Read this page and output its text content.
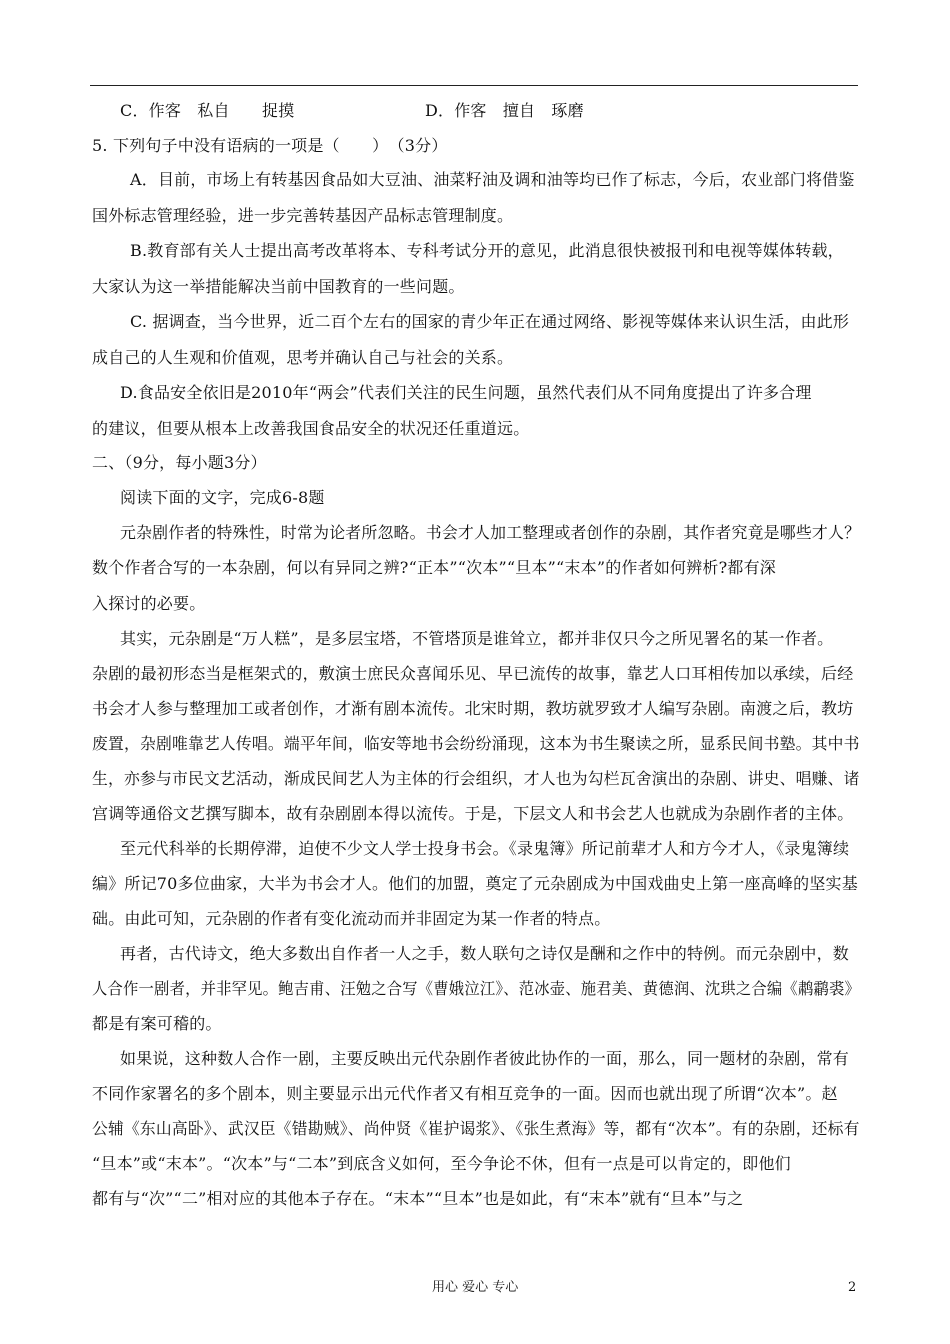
C．作客　私自　　捉摸	D．作客　擅自　琢磨
5. 下列句子中没有语病的一项是（　　）　（3分）
A．目前，市场上有转基因食品如大豆油、油菜籽油及调和油等均已作了标志，今后，农业部门将借鉴
国外标志管理经验，进一步完善转基因产品标志管理制度。
B.教育部有关人士提出高考改革将本、专科考试分开的意见，此消息很快被报刊和电视等媒体转载，
大家认为这一举措能解决当前中国教育的一些问题。
C. 据调查，当今世界，近二百个左右的国家的青少年正在通过网络、影视等媒体来认识生活，由此形
成自己的人生观和价值观，思考并确认自己与社会的关系。
D.食品安全依旧是2010年“两会”代表们关注的民生问题，虽然代表们从不同角度提出了许多合理
的建议，但要从根本上改善我国食品安全的状况还任重道远。
二、（9分，每小题3分）
阅读下面的文字，完成6-8题
元杂剧作者的特殊性，时常为论者所忽略。书会才人加工整理或者创作的杂剧，其作者究竟是哪些才人？
数个作者合写的一本杂剧，何以有异同之辨?“正本”“次本”“旦本”“末本”的作者如何辨析?都有深
入探讨的必要。
其实，元杂剧是“万人糕”，是多层宝塔，不管塔顶是谁耸立，都并非仅只今之所见署名的某一作者。
杂剧的最初形态当是框架式的，敷演士庶民众喜闻乐见、早已流传的故事，靠艺人口耳相传加以承续，后经
书会才人参与整理加工或者创作，才渐有剧本流传。北宋时期，教坊就罗致才人编写杂剧。南渡之后，教坊
废置，杂剧唯靠艺人传唱。端平年间，临安等地书会纷纷涌现，这本为书生聚读之所，显系民间书塾。其中书
生，亦参与市民文艺活动，渐成民间艺人为主体的行会组织，才人也为勾栏瓦舍演出的杂剧、讲史、唱赚、诸
宫调等通俗文艺撰写脚本，故有杂剧剧本得以流传。于是，下层文人和书会艺人也就成为杂剧作者的主体。
至元代科举的长期停滞，迫使不少文人学士投身书会。《录鬼簿》所记前辈才人和方今才人，《录鬼簿续
编》所记70多位曲家，大半为书会才人。他们的加盟，奠定了元杂剧成为中国戏曲史上第一座高峰的坚实基
础。由此可知，元杂剧的作者有变化流动而并非固定为某一作者的特点。
再者，古代诗文，绝大多数出自作者一人之手，数人联句之诗仅是酬和之作中的特例。而元杂剧中，数
人合作一剧者，并非罕见。鲍吉甫、汪勉之合写《曹娥泣江》、范冰壶、施君美、黄德润、沈珙之合编《鹔鹴裘》
都是有案可稽的。
如果说，这种数人合作一剧，主要反映出元代杂剧作者彼此协作的一面，那么，同一题材的杂剧，常有
不同作家署名的多个剧本，则主要显示出元代作者又有相互竞争的一面。因而也就出现了所谓“次本”。赵
公辅《东山高卧》、武汉臣《错勘贼》、尚仲贤《崔护谒浆》、《张生煮海》等，都有“次本”。有的杂剧，还标有
“旦本”或“末本”。“次本”与“二本”到底含义如何，至今争论不休，但有一点是可以肯定的，即他们
都有与“次”“二”相对应的其他本子存在。“末本”“旦本”也是如此，有“末本”就有“旦本”与之
用心 爱心 专心	2
